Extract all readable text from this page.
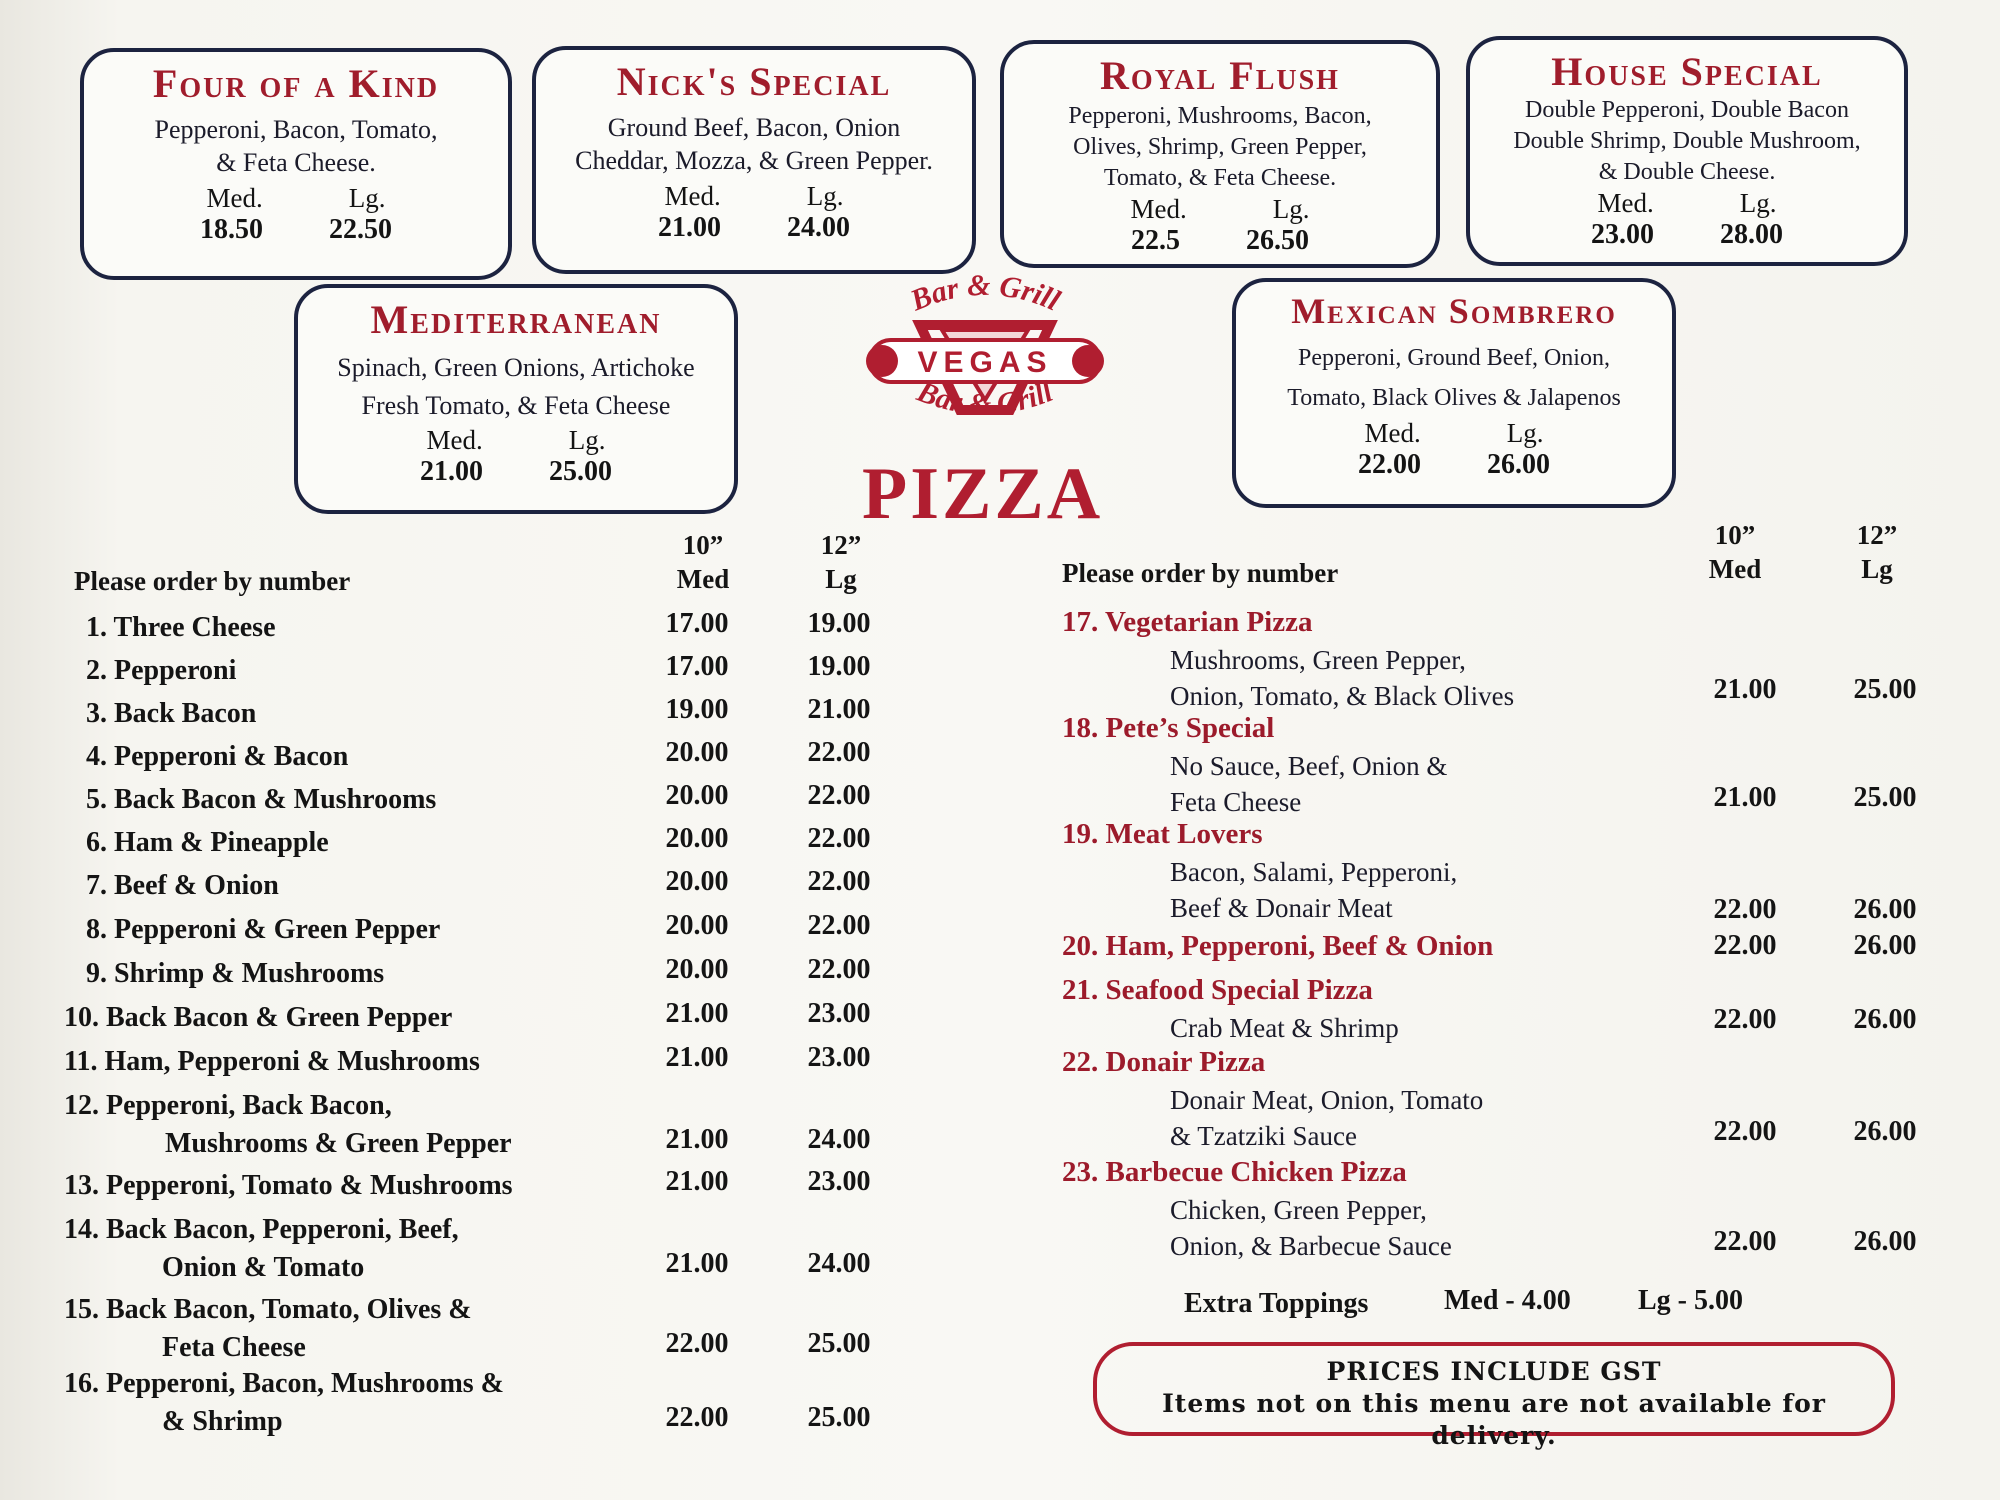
Four of a Kind
Pepperoni, Bacon, Tomato,
& Feta Cheese.
Med.	Lg.
18.50 22.50
Nick's Special
Ground Beef, Bacon, Onion
Cheddar, Mozza, & Green Pepper.
Med.	Lg.
21.00 24.00
Royal Flush
Pepperoni, Mushrooms, Bacon,
Olives, Shrimp, Green Pepper,
Tomato, & Feta Cheese.
Med.	Lg.
22.5 26.50
House Special
Double Pepperoni, Double Bacon
Double Shrimp, Double Mushroom,
& Double Cheese.
Med.	Lg.
23.00 28.00
Mediterranean
Spinach, Green Onions, Artichoke
Fresh Tomato, & Feta Cheese
Med.	Lg.
21.00 25.00
Mexican Sombrero
Pepperoni, Ground Beef, Onion,
Tomato, Black Olives & Jalapenos
Med.	Lg.
22.00 26.00
Bar & Grill
VEGAS
Bar & Grill
PIZZA
Please order by number
10”
Med
12”
Lg
1. Three Cheese	17.00	19.00
2. Pepperoni	17.00	19.00
3. Back Bacon	19.00	21.00
4. Pepperoni & Bacon	20.00	22.00
5. Back Bacon & Mushrooms	20.00	22.00
6. Ham & Pineapple	20.00	22.00
7. Beef & Onion	20.00	22.00
8. Pepperoni & Green Pepper	20.00	22.00
9. Shrimp & Mushrooms	20.00	22.00
10. Back Bacon & Green Pepper	21.00	23.00
11. Ham, Pepperoni & Mushrooms	21.00	23.00
12. Pepperoni, Back Bacon,
Mushrooms & Green Pepper	21.00	24.00
13. Pepperoni, Tomato & Mushrooms	21.00	23.00
14. Back Bacon, Pepperoni, Beef,
Onion & Tomato	21.00	24.00
15. Back Bacon, Tomato, Olives &
Feta Cheese	22.00	25.00
16. Pepperoni, Bacon, Mushrooms &
& Shrimp	22.00	25.00
Please order by number
10”
Med
12”
Lg
17. Vegetarian Pizza
Mushrooms, Green Pepper,
Onion, Tomato, & Black Olives	21.00	25.00
18. Pete’s Special
No Sauce, Beef, Onion &
Feta Cheese	21.00	25.00
19. Meat Lovers
Bacon, Salami, Pepperoni,
Beef & Donair Meat	22.00	26.00
20. Ham, Pepperoni, Beef & Onion	22.00	26.00
21. Seafood Special Pizza
Crab Meat & Shrimp	22.00	26.00
22. Donair Pizza
Donair Meat, Onion, Tomato
& Tzatziki Sauce	22.00	26.00
23. Barbecue Chicken Pizza
Chicken, Green Pepper,
Onion, & Barbecue Sauce	22.00	26.00
Extra Toppings	Med - 4.00 Lg - 5.00
PRICES INCLUDE GST
Items not on this menu are not available for delivery.
